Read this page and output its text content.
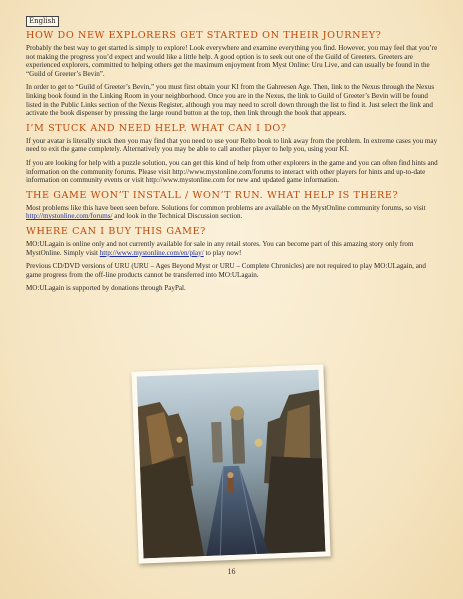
English
HOW DO NEW EXPLORERS GET STARTED ON THEIR JOURNEY?

Probably the best way to get started is simply to explore! Look everywhere and examine everything you find. However, you may feel that you’re not making the progress you’d expect and would like a little help. A good option is to seek out one of the Guild of Greeters. Greeters are experienced explorers, committed to helping others get the maximum enjoyment from Myst Online: Uru Live, and can usually be found in the “Guild of Greeter’s Bevin”.

In order to get to “Guild of Greeter’s Bevin,” you must first obtain your KI from the Gahreesen Age. Then, link to the Nexus through the Nexus linking book found in the Linking Room in your neighborhood. Once you are in the Nexus, the link to Guild of Greeter’s Bevin will be found listed in the Public Links section of the Nexus Register, although you may need to scroll down through the list to find it. Just select the link and activate the book dispenser by pressing the large round button at the top, then link through the book that appears.

I’M STUCK AND NEED HELP. WHAT CAN I DO?

If your avatar is literally stuck then you may find that you need to use your Relto book to link away from the problem. In extreme cases you may need to exit the game completely. Alternatively you may be able to call another player to help you, using your KI.

If you are looking for help with a puzzle solution, you can get this kind of help from other explorers in the game and you can often find hints and information on the community forums. Please visit http://www.mystonline.com/forums to interact with other players for hints and up-to-date information on community events or visit http://www.mystonline.com for new and updated game information.

THE GAME WON’T INSTALL / WON’T RUN. WHAT HELP IS THERE?

Most problems like this have been seen before. Solutions for common problems are available on the MystOnline community forums, so visit http://mystonline.com/forums/ and look in the Technical Discussion section.

WHERE CAN I BUY THIS GAME?

MO:ULagain is online only and not currently available for sale in any retail stores. You can become part of this amazing story only from MystOnline. Simply visit http://www.mystonline.com/en/play/ to play now!

Previous CD/DVD versions of URU (URU – Ages Beyond Myst or URU – Complete Chronicles) are not required to play MO:ULagain, and game progress from the off-line products cannot be transferred into MO:ULagain.

MO:ULagain is supported by donations through PayPal.

16
